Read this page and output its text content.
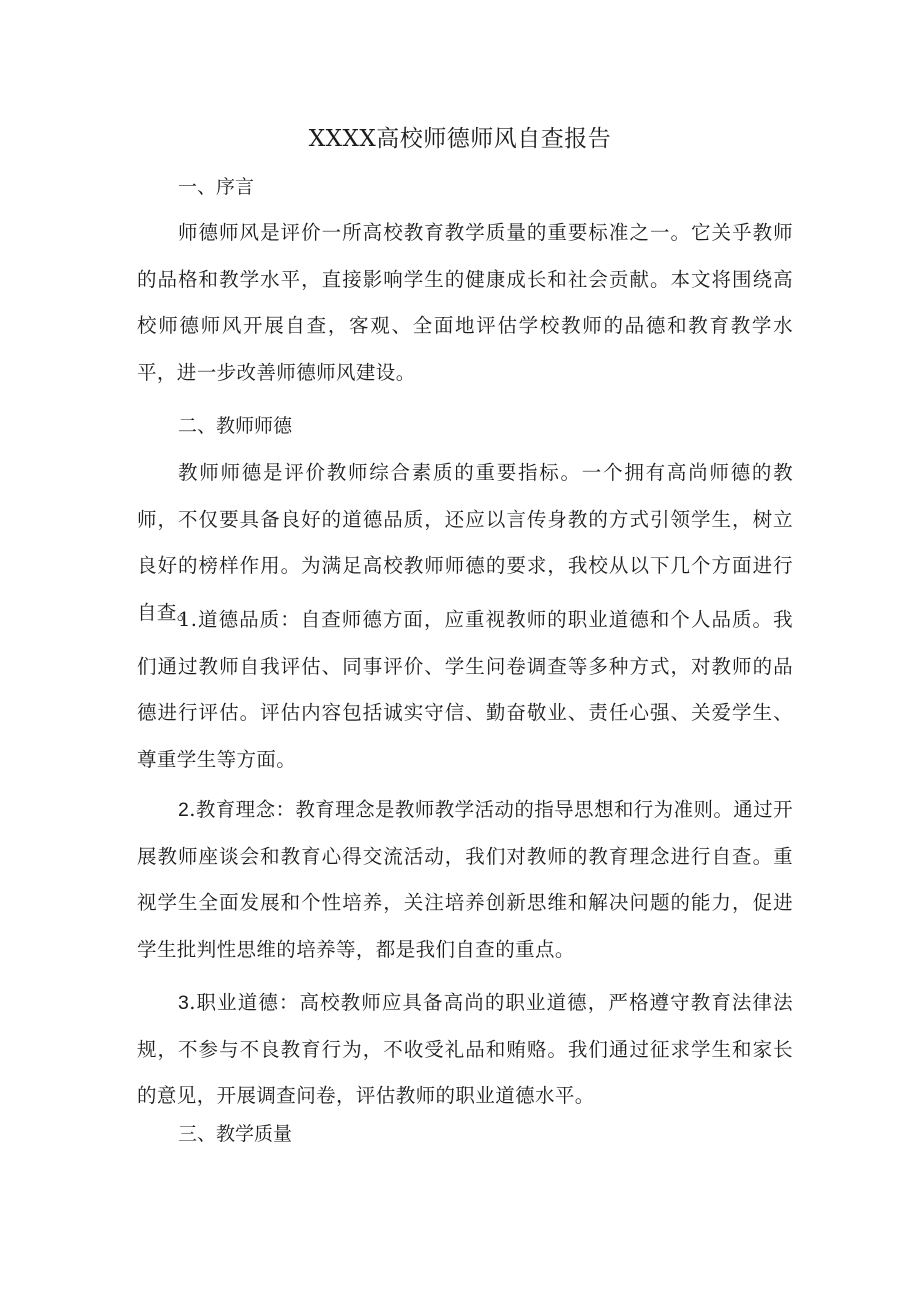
XXXX高校师德师风自查报告
一、序言

师德师风是评价一所高校教育教学质量的重要标准之一。它关乎教师的品格和教学水平，直接影响学生的健康成长和社会贡献。本文将围绕高校师德师风开展自查，客观、全面地评估学校教师的品德和教育教学水平，进一步改善师德师风建设。

二、教师师德

教师师德是评价教师综合素质的重要指标。一个拥有高尚师德的教师，不仅要具备良好的道德品质，还应以言传身教的方式引领学生，树立良好的榜样作用。为满足高校教师师德的要求，我校从以下几个方面进行自查。

1.道德品质：自查师德方面，应重视教师的职业道德和个人品质。我们通过教师自我评估、同事评价、学生问卷调查等多种方式，对教师的品德进行评估。评估内容包括诚实守信、勤奋敬业、责任心强、关爱学生、尊重学生等方面。

2.教育理念：教育理念是教师教学活动的指导思想和行为准则。通过开展教师座谈会和教育心得交流活动，我们对教师的教育理念进行自查。重视学生全面发展和个性培养，关注培养创新思维和解决问题的能力，促进学生批判性思维的培养等，都是我们自查的重点。

3.职业道德：高校教师应具备高尚的职业道德，严格遵守教育法律法规，不参与不良教育行为，不收受礼品和贿赂。我们通过征求学生和家长的意见，开展调查问卷，评估教师的职业道德水平。

三、教学质量
